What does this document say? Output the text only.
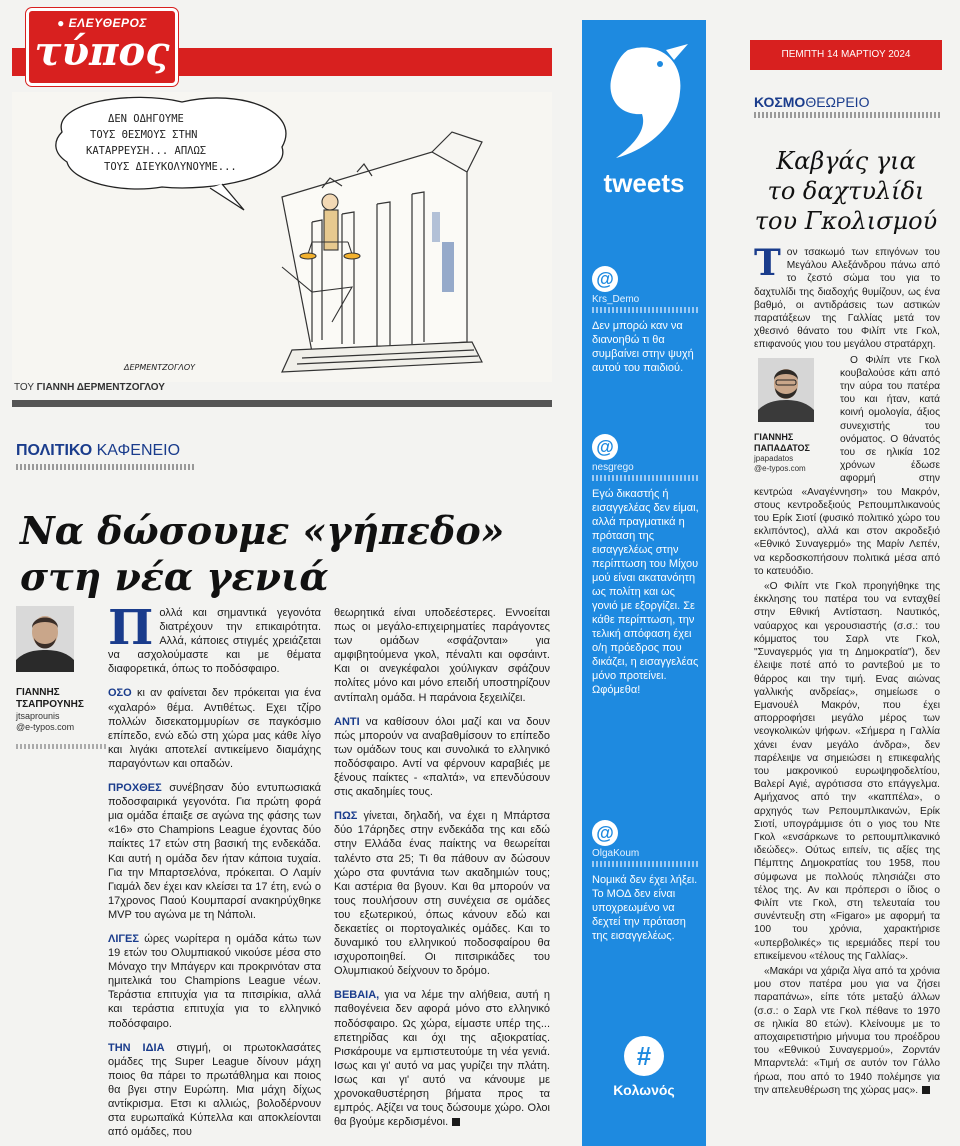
● ΕΛΕΥΘΕΡΟΣ
τύπος
ΔΕΝ ΟΔΗΓΟΥΜΕ
ΤΟΥΣ ΘΕΣΜΟΥΣ ΣΤΗΝ
ΚΑΤΑΡΡΕΥΣΗ... ΑΠΛΩΣ
ΤΟΥΣ ΔΙΕΥΚΟΛΥΝΟΥΜΕ...
ΔΕΡΜΕΝΤΖΟΓΛΟΥ
ΤΟΥ ΓΙΑΝΝΗ ΔΕΡΜΕΝΤΖΟΓΛΟΥ
ΠΟΛΙΤΙΚΟ ΚΑΦΕΝΕΙΟ
Να δώσουμε «γήπεδο»
στη νέα γενιά
ΓΙΑΝΝΗΣ ΤΣΑΠΡΟΥΝΗΣ
jtsaprounis
@e-typos.com

Πολλά και σημαντικά γεγονότα διατρέχουν την επικαιρότητα. Αλλά, κάποιες στιγμές χρειάζεται να ασχολούμαστε και με θέματα διαφορετικά, όπως το ποδόσφαιρο.

ΟΣΟ κι αν φαίνεται δεν πρόκειται για ένα «χαλαρό» θέμα. Αντιθέτως. Εχει τζίρο πολλών δισεκατομμυρίων σε παγκόσμιο επίπεδο, ενώ εδώ στη χώρα μας κάθε λίγο και λιγάκι αποτελεί αντικείμενο διαμάχης παραγόντων και οπαδών.

ΠΡΟΧΘΕΣ συνέβησαν δύο εντυπωσιακά ποδοσφαιρικά γεγονότα. Για πρώτη φορά μια ομάδα έπαιξε σε αγώνα της φάσης των «16» στο Champions League έχοντας δύο παίκτες 17 ετών στη βασική της ενδεκάδα. Και αυτή η ομάδα δεν ήταν κάποια τυχαία. Για την Μπαρτσελόνα, πρόκειται. Ο Λαμίν Γιαμάλ δεν έχει καν κλείσει τα 17 έτη, ενώ ο 17χρονος Παού Κουμπαρσί ανακηρύχθηκε MVP του αγώνα με τη Νάπολι.

ΛΙΓΕΣ ώρες νωρίτερα η ομάδα κάτω των 19 ετών του Ολυμπιακού νικούσε μέσα στο Μόναχο την Μπάγερν και προκρινόταν στα ημιτελικά του Champions League νέων. Τεράστια επιτυχία για τα πιτσιρίκια, αλλά και τεράστια επιτυχία για το ελληνικό ποδόσφαιρο.

ΤΗΝ ΙΔΙΑ στιγμή, οι πρωτοκλασάτες ομάδες της Super League δίνουν μάχη ποιος θα πάρει το πρωτάθλημα και ποιος θα βγει στην Ευρώπη. Μια μάχη δίχως αντίκρισμα. Ετσι κι αλλιώς, βολοδέρνουν στα ευρωπαϊκά Κύπελλα και αποκλείονται από ομάδες, που

θεωρητικά είναι υποδεέστερες. Εννοείται πως οι μεγάλο-επιχειρηματίες παράγοντες των ομάδων «σφάζονται» για αμφιβητούμενα γκολ, πέναλτι και οφσάιντ. Και οι ανεγκέφαλοι χούλιγκαν σφάζουν πολίτες μόνο και μόνο επειδή υποστηρίζουν αντίπαλη ομάδα. Η παράνοια ξεχειλίζει.

ΑΝΤΙ να καθίσουν όλοι μαζί και να δουν πώς μπορούν να αναβαθμίσουν το επίπεδο των ομάδων τους και συνολικά το ελληνικό ποδόσφαιρο. Αντί να φέρνουν καραβιές με ξένους παίκτες - «παλτά», να επενδύσουν στις ακαδημίες τους.

ΠΩΣ γίνεται, δηλαδή, να έχει η Μπάρτσα δύο 17άρηδες στην ενδεκάδα της και εδώ στην Ελλάδα ένας παίκτης να θεωρείται ταλέντο στα 25; Τι θα πάθουν αν δώσουν χώρο στα φυντάνια των ακαδημιών τους; Και αστέρια θα βγουν. Και θα μπορούν να τους πουλήσουν στη συνέχεια σε ομάδες του εξωτερικού, όπως κάνουν εδώ και δεκαετίες οι πορτογαλικές ομάδες. Και το δυναμικό του ελληνικού ποδοσφαίρου θα ισχυροποιηθεί. Οι πιτσιρικάδες του Ολυμπιακού δείχνουν το δρόμο.

ΒΕΒΑΙΑ, για να λέμε την αλήθεια, αυτή η παθογένεια δεν αφορά μόνο στο ελληνικό ποδόσφαιρο. Ως χώρα, είμαστε υπέρ της... επετηρίδας και όχι της αξιοκρατίας. Ρισκάρουμε να εμπιστευτούμε τη νέα γενιά. Ισως και γι' αυτό να μας γυρίζει την πλάτη. Ισως και γι' αυτό να κάνουμε με χρονοκαθυστέρηση βήματα προς τα εμπρός. Αξίζει να τους δώσουμε χώρο. Ολοι θα βγούμε κερδισμένοι.

tweets
@
Krs_Demo
Δεν μπορώ καν να διανοηθώ τι θα συμβαίνει στην ψυχή αυτού του παιδιού.
@
nesgrego
Εγώ δικαστής ή εισαγγελέας δεν είμαι, αλλά πραγματικά η πρόταση της εισαγγελέως στην περίπτωση του Μίχου μού είναι ακατανόητη ως πολίτη και ως γονιό με εξοργίζει. Σε κάθε περίπτωση, την τελική απόφαση έχει ο/η πρόεδρος που δικάζει, η εισαγγελέας μόνο προτείνει. Ωφόμεθα!
@
OlgaKoum
Νομικά δεν έχει λήξει. Το ΜΟΔ δεν είναι υποχρεωμένο να δεχτεί την πρόταση της εισαγγελέως.
#
Κολωνός
ΠΕΜΠΤΗ 14 ΜΑΡΤΙΟΥ 2024
ΚΟΣΜΟΘΕΩΡΕΙΟ
Καβγάς για
το δαχτυλίδι
του Γκολισμού

Τον τσακωμό των επιγόνων του Μεγάλου Αλεξάνδρου πάνω από το ζεστό σώμα του για το δαχτυλίδι της διαδοχής θυμίζουν, ως ένα βαθμό, οι αντιδράσεις των αστικών παρατάξεων της Γαλλίας μετά τον χθεσινό θάνατο του Φιλίπ ντε Γκολ, επιφανούς γιου του μεγάλου στρατάρχη.

ΓΙΑΝΝΗΣ ΠΑΠΑΔΑΤΟΣ
jpapadatos
@e-typos.com

Ο Φιλίπ ντε Γκολ κουβαλούσε κάτι από την αύρα του πατέρα του και ήταν, κατά κοινή ομολογία, άξιος συνεχιστής του ονόματος. Ο θάνατός του σε ηλικία 102 χρόνων έδωσε αφορμή στην κεντρώα «Αναγέννηση» του Μακρόν, στους κεντροδεξιούς Ρεπουμπλικανούς του Ερίκ Σιοτί (φυσικό πολιτικό χώρο του εκλιπόντος), αλλά και στον ακροδεξιό «Εθνικό Συναγερμό» της Μαρίν Λεπέν, να κερδοσκοπήσουν πολιτικά μέσα από το κατευόδιο.

«Ο Φιλίπ ντε Γκολ προηγήθηκε της έκκλησης του πατέρα του να ενταχθεί στην Εθνική Αντίσταση. Ναυτικός, ναύαρχος και γερουσιαστής (σ.σ.: του κόμματος του Σαρλ ντε Γκολ, "Συναγερμός για τη Δημοκρατία"), δεν έλειψε ποτέ από το ραντεβού με το θάρρος και την τιμή. Ενας αιώνας γαλλικής ανδρείας», σημείωσε ο Εμανουέλ Μακρόν, που έχει απορροφήσει μεγάλο μέρος των νεογκολικών ψήφων. «Σήμερα η Γαλλία χάνει έναν μεγάλο άνδρα», δεν παρέλειψε να σημειώσει η επικεφαλής του μακρονικού ευρωψηφοδελτίου, Βαλερί Αγιέ, αγρότισσα στο επάγγελμα. Αμήχανος από την «καππέλα», ο αρχηγός των Ρεπουμπλικανών, Ερίκ Σιοτί, υπογράμμισε ότι ο γιος του Ντε Γκολ «ενσάρκωνε το ρεπουμπλικανικό ιδεώδες». Ούτως ειπείν, τις αξίες της Πέμπτης Δημοκρατίας του 1958, που σύμφωνα με πολλούς πλησιάζει στο τέλος της. Αν και πρόπερσι ο ίδιος ο Φιλίπ ντε Γκολ, στη τελευταία του συνέντευξη στη «Figaro» με αφορμή τα 100 του χρόνια, χαρακτήρισε «υπερβολικές» τις ιερεμιάδες περί του επικείμενου «τέλους της Γαλλίας».

«Μακάρι να χάριζα λίγα από τα χρόνια μου στον πατέρα μου για να ζήσει παραπάνω», είπε τότε μεταξύ άλλων (σ.σ.: ο Σαρλ ντε Γκολ πέθανε το 1970 σε ηλικία 80 ετών). Κλείνουμε με το αποχαιρετιστήριο μήνυμα του προέδρου του «Εθνικού Συναγερμού», Ζορντάν Μπαρντελά: «Τιμή σε αυτόν τον Γάλλο ήρωα, που από το 1940 πολέμησε για την απελευθέρωση της χώρας μας».
